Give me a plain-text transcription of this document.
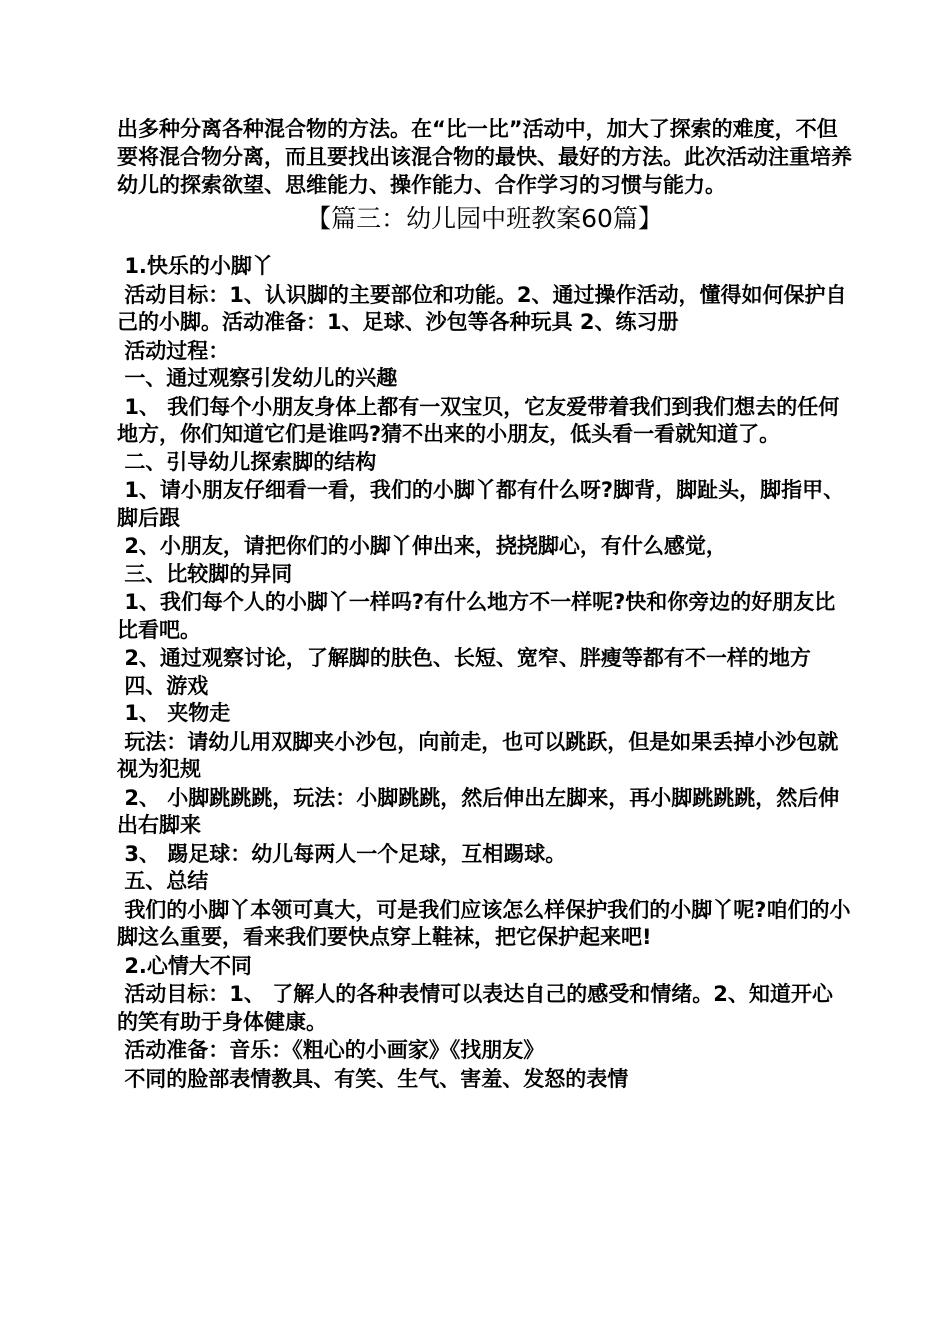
出多种分离各种混合物的方法。在“比一比”活动中，加大了探索的难度，不但要将混合物分离，而且要找出该混合物的最快、最好的方法。此次活动注重培养幼儿的探索欲望、思维能力、操作能力、合作学习的习惯与能力。

【篇三：幼儿园中班教案60篇】

1.快乐的小脚丫

活动目标：1、认识脚的主要部位和功能。2、通过操作活动，懂得如何保护自己的小脚。活动准备：1、足球、沙包等各种玩具 2、练习册

活动过程：

一、通过观察引发幼儿的兴趣

1、 我们每个小朋友身体上都有一双宝贝，它友爱带着我们到我们想去的任何地方，你们知道它们是谁吗?猜不出来的小朋友，低头看一看就知道了。

二、引导幼儿探索脚的结构

1、请小朋友仔细看一看，我们的小脚丫都有什么呀?脚背，脚趾头，脚指甲、脚后跟

2、小朋友，请把你们的小脚丫伸出来，挠挠脚心，有什么感觉，

三、比较脚的异同

1、我们每个人的小脚丫一样吗?有什么地方不一样呢?快和你旁边的好朋友比比看吧。

2、通过观察讨论，了解脚的肤色、长短、宽窄、胖瘦等都有不一样的地方

四、游戏

1、 夹物走

玩法：请幼儿用双脚夹小沙包，向前走，也可以跳跃，但是如果丢掉小沙包就视为犯规

2、 小脚跳跳跳，玩法：小脚跳跳，然后伸出左脚来，再小脚跳跳跳，然后伸出右脚来

3、 踢足球：幼儿每两人一个足球，互相踢球。

五、总结

我们的小脚丫本领可真大，可是我们应该怎么样保护我们的小脚丫呢?咱们的小脚这么重要，看来我们要快点穿上鞋袜，把它保护起来吧!

2.心情大不同

活动目标：1、 了解人的各种表情可以表达自己的感受和情绪。2、知道开心的笑有助于身体健康。

活动准备：音乐：《粗心的小画家》《找朋友》

不同的脸部表情教具、有笑、生气、害羞、发怒的表情
